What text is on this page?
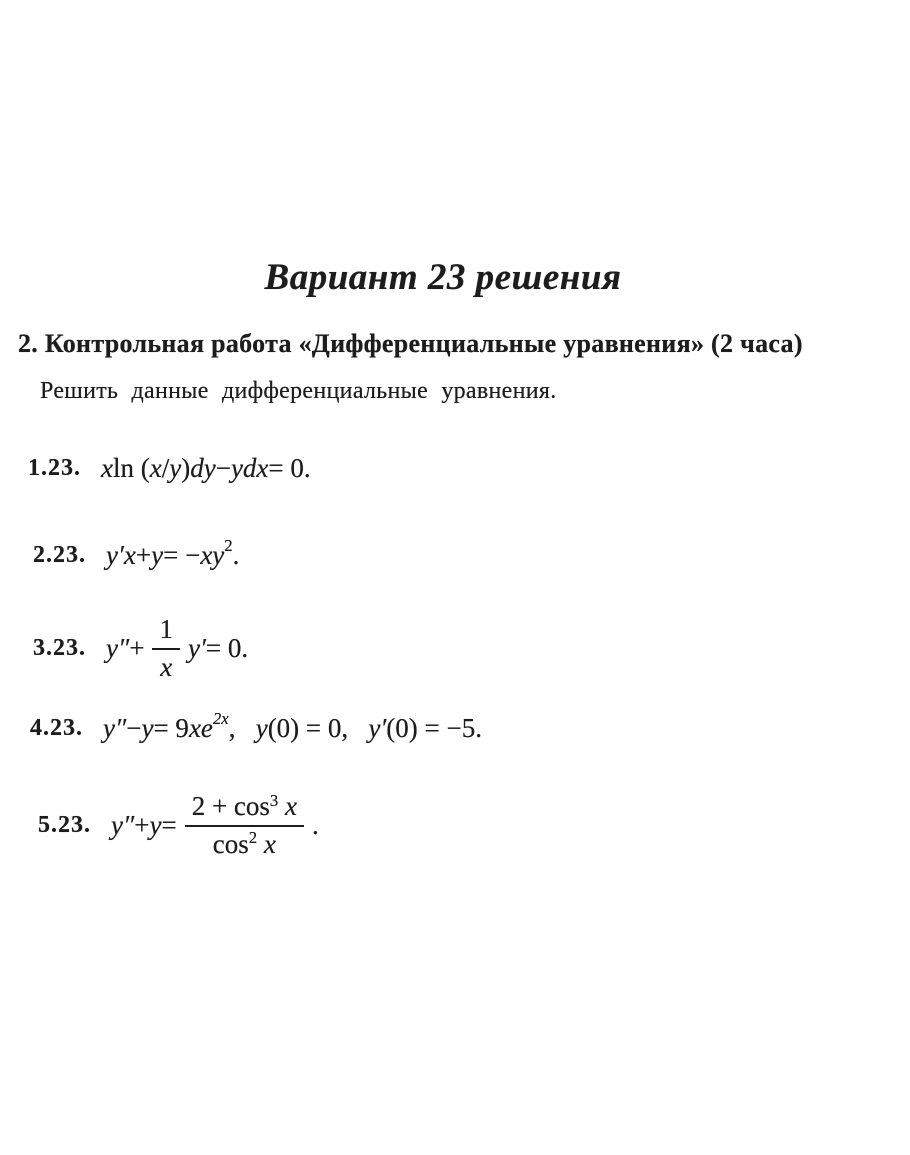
Вариант 23 решения
2. Контрольная работа «Дифференциальные уравнения» (2 часа)
Решить данные дифференциальные уравнения.
1.23. x ln ( x / y ) dy − ydx = 0.
2.23. y′x + y = − xy 2 .
3.23. $y'' + \frac{1}{x} y' = 0$.
4.23. y″ − y = 9 xe 2x ,   y (0) = 0,   y′ (0) = −5.
5.23. $y'' + y = \frac{2 + \cos^3 x}{\cos^2 x}$ .
